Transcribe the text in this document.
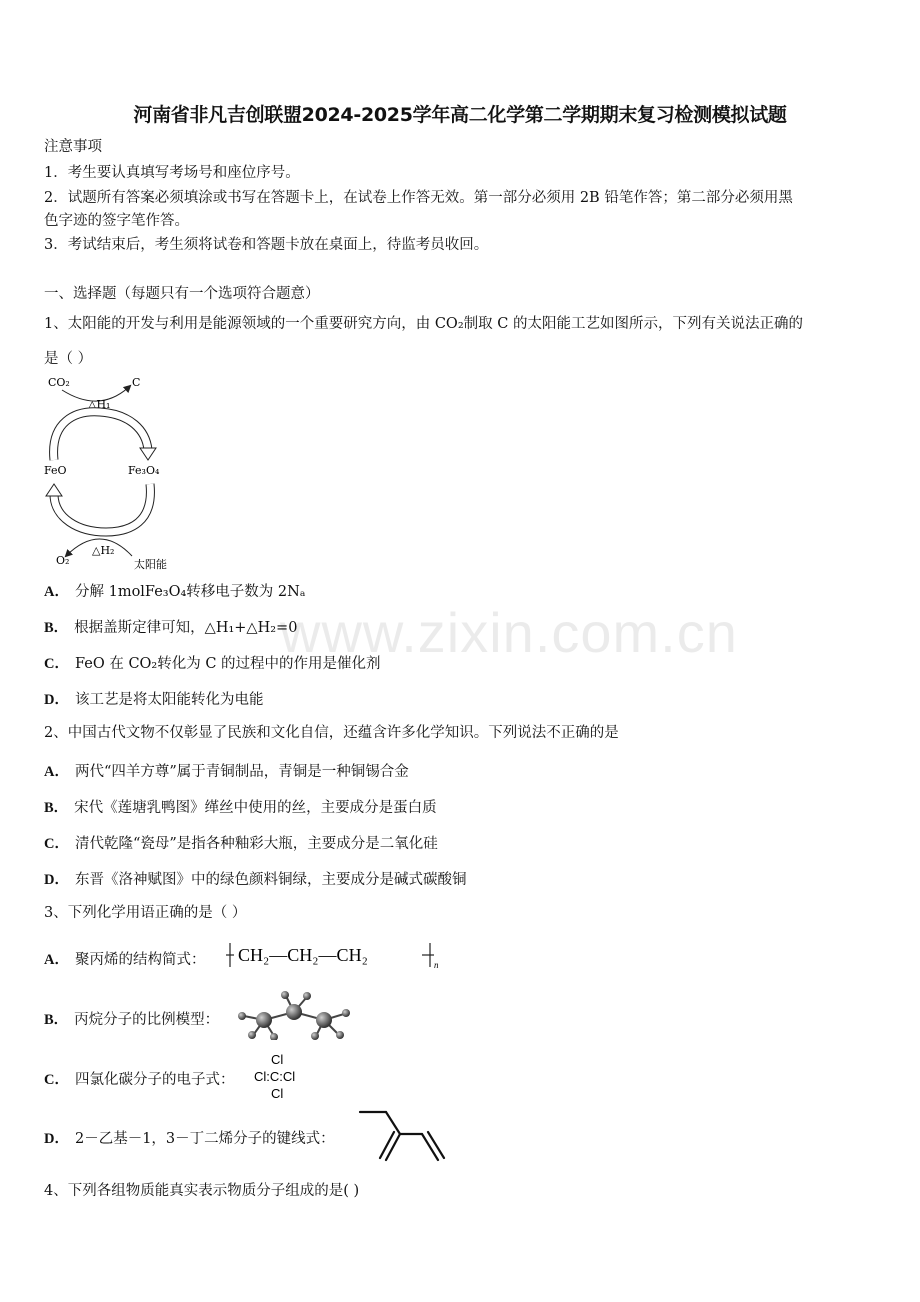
www.zixin.com.cn
河南省非凡吉创联盟2024-2025学年高二化学第二学期期末复习检测模拟试题
注意事项
1．考生要认真填写考场号和座位序号。
2．试题所有答案必须填涂或书写在答题卡上，在试卷上作答无效。第一部分必须用 2B 铅笔作答；第二部分必须用黑
色字迹的签字笔作答。
3．考试结束后，考生须将试卷和答题卡放在桌面上，待监考员收回。
一、选择题（每题只有一个选项符合题意）
1、太阳能的开发与利用是能源领域的一个重要研究方向，由 CO₂制取 C 的太阳能工艺如图所示，下列有关说法正确的
是（ ）
CO₂	C
△H₁
FeO	Fe₃O₄
O₂
△H₂
太阳能
A． 分解 1molFe₃O₄转移电子数为 2Nₐ
B． 根据盖斯定律可知，△H₁+△H₂=0
C． FeO 在 CO₂转化为 C 的过程中的作用是催化剂
D． 该工艺是将太阳能转化为电能
2、中国古代文物不仅彰显了民族和文化自信，还蕴含许多化学知识。下列说法不正确的是
A． 两代“四羊方尊”属于青铜制品，青铜是一种铜锡合金
B． 宋代《莲塘乳鸭图》缂丝中使用的丝，主要成分是蛋白质
C． 清代乾隆“瓷母”是指各种釉彩大瓶，主要成分是二氧化硅
D． 东晋《洛神赋图》中的绿色颜料铜绿，主要成分是碱式碳酸铜
3、下列化学用语正确的是（ ）
A． 聚丙烯的结构简式： CH₂—CH₂—CH₂	n
B． 丙烷分子的比例模型：
C． 四氯化碳分子的电子式：
Cl
Cl:C:Cl
Cl
D． 2－乙基－1，3－丁二烯分子的键线式：
4、下列各组物质能真实表示物质分子组成的是( )
